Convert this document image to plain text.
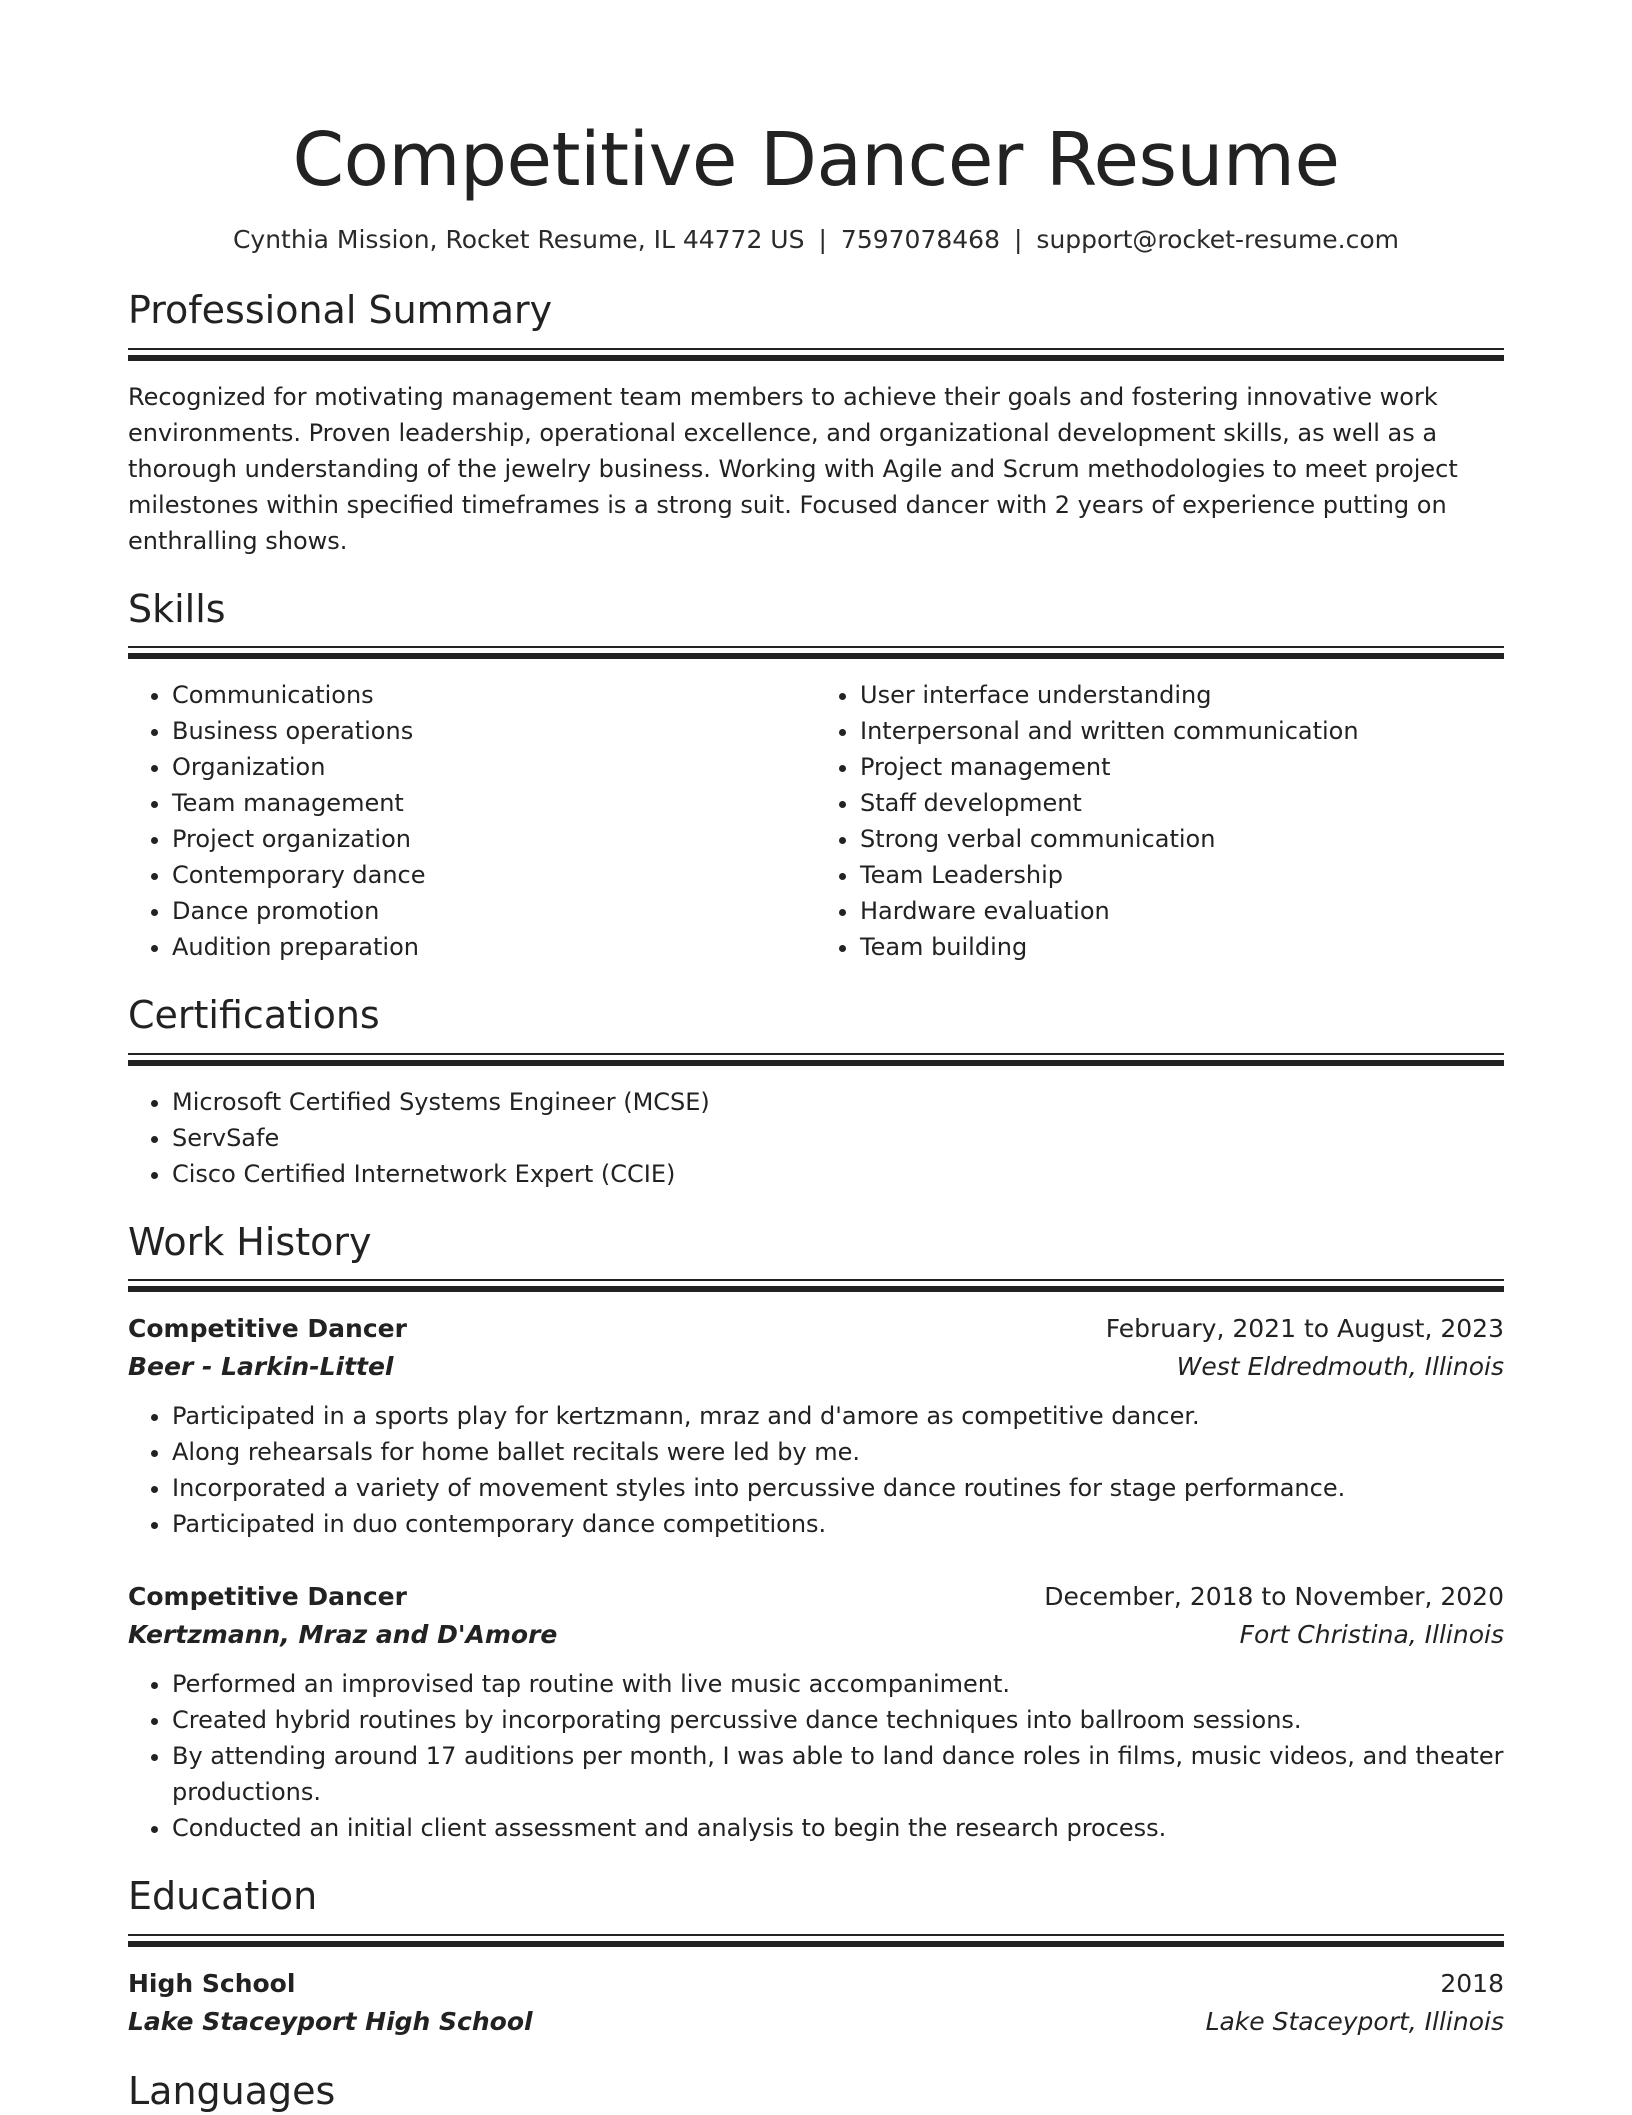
Competitive Dancer Resume
Cynthia Mission, Rocket Resume, IL 44772 US | 7597078468 | support@rocket-resume.com
Professional Summary

Recognized for motivating management team members to achieve their goals and fostering innovative work environments. Proven leadership, operational excellence, and organizational development skills, as well as a thorough understanding of the jewelry business. Working with Agile and Scrum methodologies to meet project milestones within specified timeframes is a strong suit. Focused dancer with 2 years of experience putting on enthralling shows.

Skills
• Communications
• Business operations
• Organization
• Team management
• Project organization
• Contemporary dance
• Dance promotion
• Audition preparation
• User interface understanding
• Interpersonal and written communication
• Project management
• Staff development
• Strong verbal communication
• Team Leadership
• Hardware evaluation
• Team building
Certifications
• Microsoft Certified Systems Engineer (MCSE)
• ServSafe
• Cisco Certified Internetwork Expert (CCIE)
Work History
Competitive Dancer	February, 2021 to August, 2023
Beer - Larkin-Littel	West Eldredmouth, Illinois
• Participated in a sports play for kertzmann, mraz and d'amore as competitive dancer.
• Along rehearsals for home ballet recitals were led by me.
• Incorporated a variety of movement styles into percussive dance routines for stage performance.
• Participated in duo contemporary dance competitions.
Competitive Dancer	December, 2018 to November, 2020
Kertzmann, Mraz and D'Amore	Fort Christina, Illinois
• Performed an improvised tap routine with live music accompaniment.
• Created hybrid routines by incorporating percussive dance techniques into ballroom sessions.
• By attending around 17 auditions per month, I was able to land dance roles in films, music videos, and theater productions.
• Conducted an initial client assessment and analysis to begin the research process.
Education
High School	2018
Lake Staceyport High School	Lake Staceyport, Illinois
Languages
